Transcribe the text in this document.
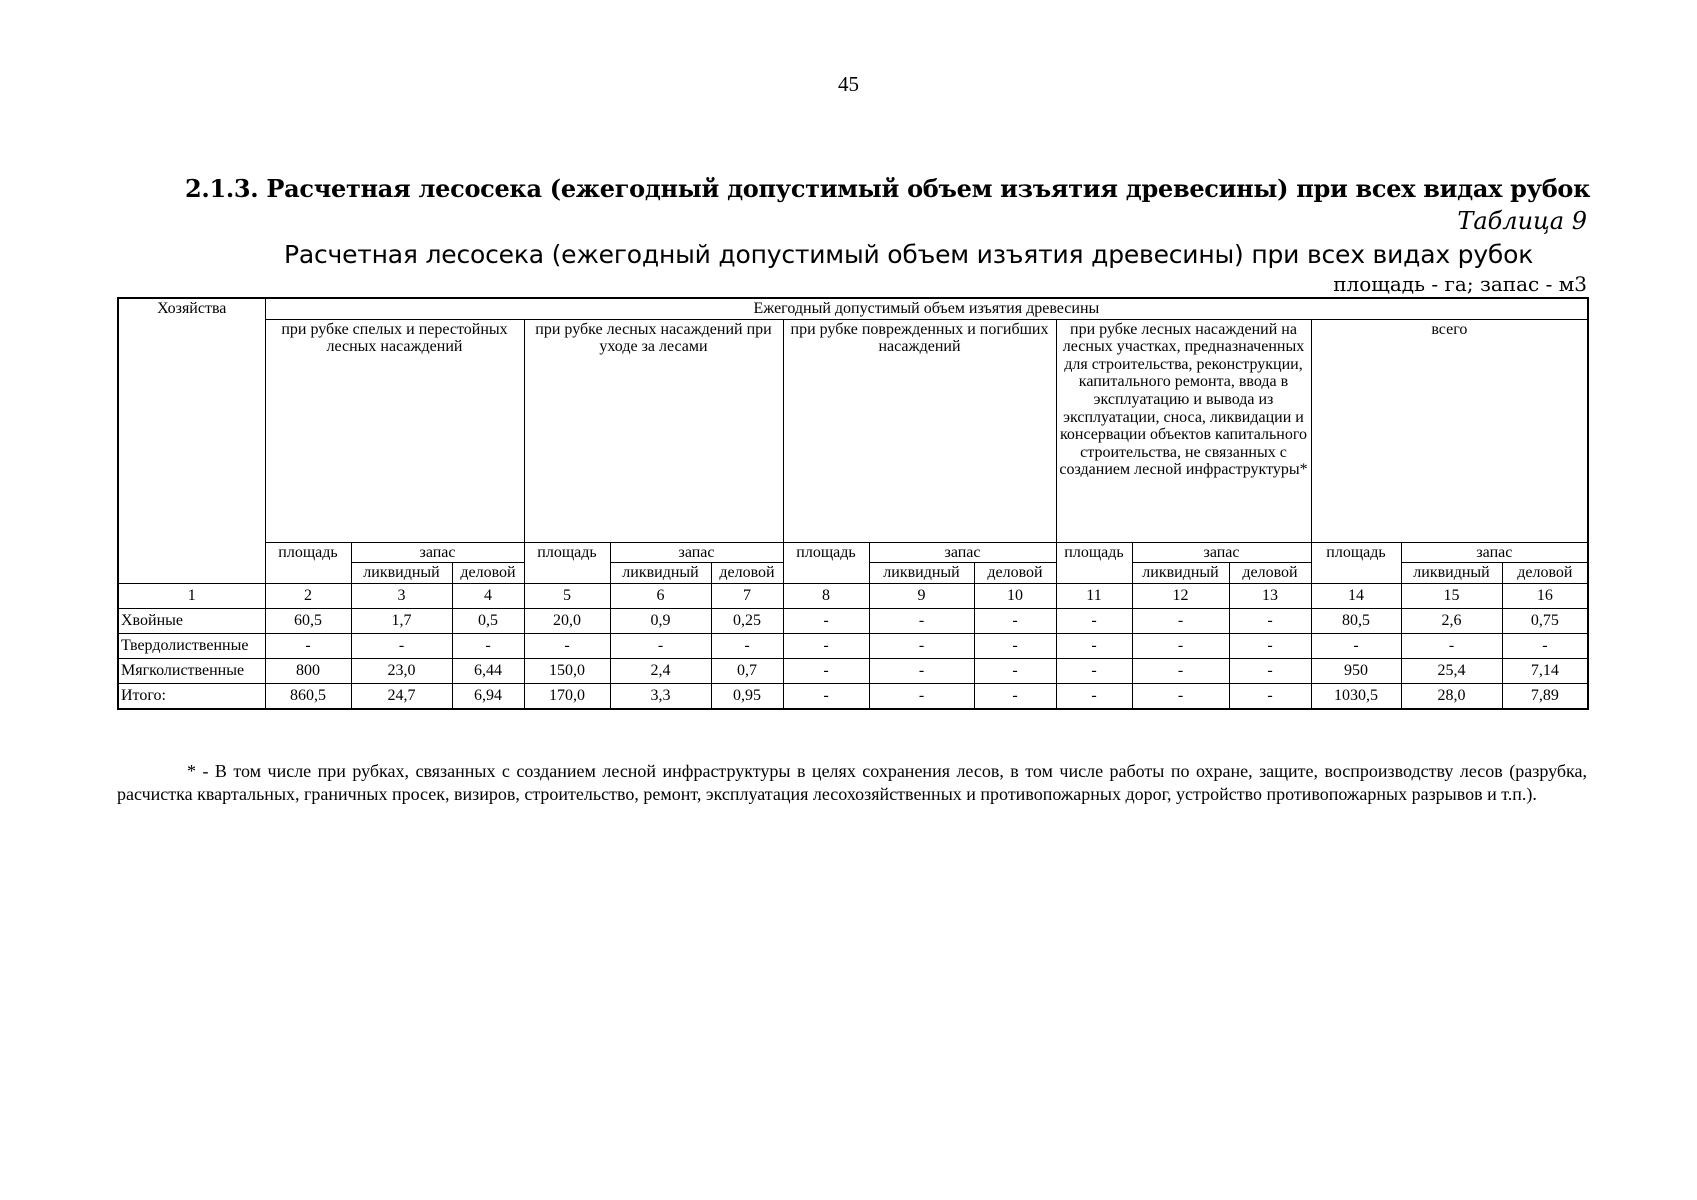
45
2.1.3. Расчетная лесосека (ежегодный допустимый объем изъятия древесины) при всех видах рубок
Таблица 9
Расчетная лесосека (ежегодный допустимый объем изъятия древесины) при всех видах рубок
площадь - га; запас - м3
Хозяйства	Ежегодный допустимый объем изъятия древесины														
	при рубке спелых и перестойных лесных насаждений			при рубке лесных насаждений при уходе за лесами			при рубке поврежденных и погибших насаждений			при рубке лесных насаждений на лесных участках, предназначенных для строительства, реконструкции, капитального ремонта, ввода в эксплуатацию и вывода из эксплуатации, сноса, ликвидации и консервации объектов капитального строительства, не связанных с созданием лесной инфраструктуры*			всего		
	площадь	запас		площадь	запас		площадь	запас		площадь	запас		площадь	запас	
		ликвидный	деловой		ликвидный	деловой		ликвидный	деловой		ликвидный	деловой		ликвидный	деловой
1	2	3	4	5	6	7	8	9	10	11	12	13	14	15	16
Хвойные	60,5	1,7	0,5	20,0	0,9	0,25	-	-	-	-	-	-	80,5	2,6	0,75
Твердолиственные	-	-	-	-	-	-	-	-	-	-	-	-	-	-	-
Мягколиственные	800	23,0	6,44	150,0	2,4	0,7	-	-	-	-	-	-	950	25,4	7,14
Итого:	860,5	24,7	6,94	170,0	3,3	0,95	-	-	-	-	-	-	1030,5	28,0	7,89
* - В том числе при рубках, связанных с созданием лесной инфраструктуры в целях сохранения лесов, в том числе работы по охране, защите, воспроизводству лесов (разрубка, расчистка квартальных, граничных просек, визиров, строительство, ремонт, эксплуатация лесохозяйственных и противопожарных дорог, устройство противопожарных разрывов и т.п.).
